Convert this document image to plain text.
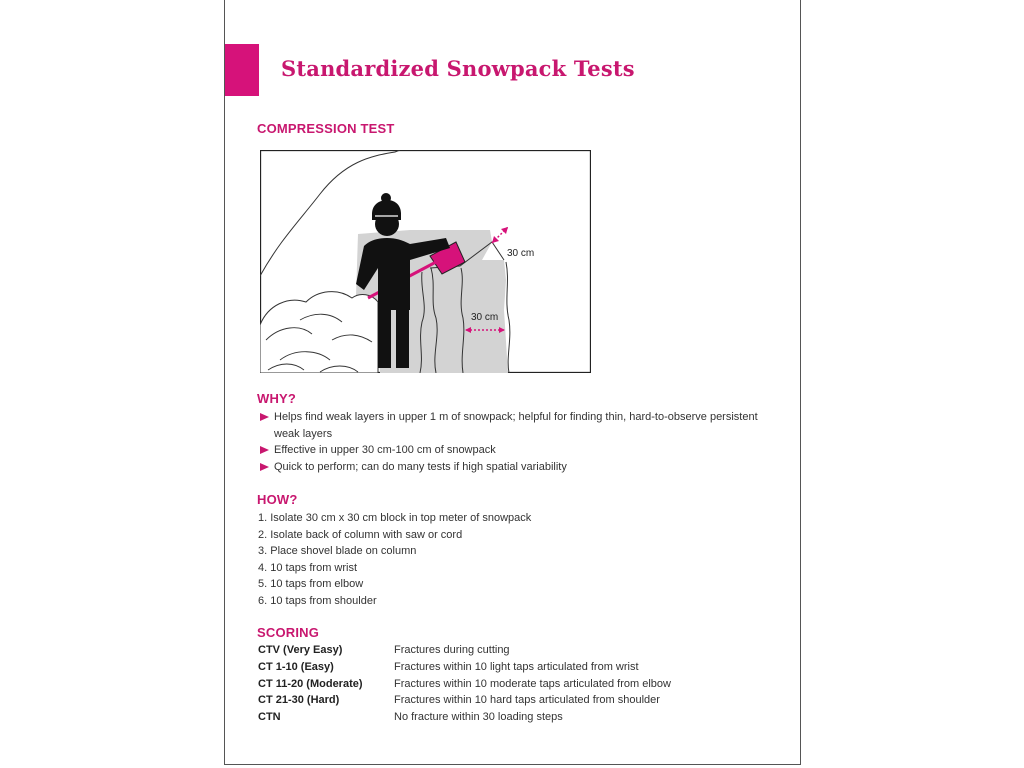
Standardized Snowpack Tests
COMPRESSION TEST
30 cm
30 cm
WHY?
Helps find weak layers in upper 1 m of snowpack; helpful for finding thin, hard-to-observe persistent weak layers
Effective in upper 30 cm-100 cm of snowpack
Quick to perform; can do many tests if high spatial variability
HOW?
1. Isolate 30 cm x 30 cm block in top meter of snowpack
2. Isolate back of column with saw or cord
3. Place shovel blade on column
4. 10 taps from wrist
5. 10 taps from elbow
6. 10 taps from shoulder
SCORING
CTV (Very Easy)	Fractures during cutting
CT 1-10 (Easy)	Fractures within 10 light taps articulated from wrist
CT 11-20 (Moderate)	Fractures within 10 moderate taps articulated from elbow
CT 21-30 (Hard)	Fractures within 10 hard taps articulated from shoulder
CTN	No fracture within 30 loading steps
